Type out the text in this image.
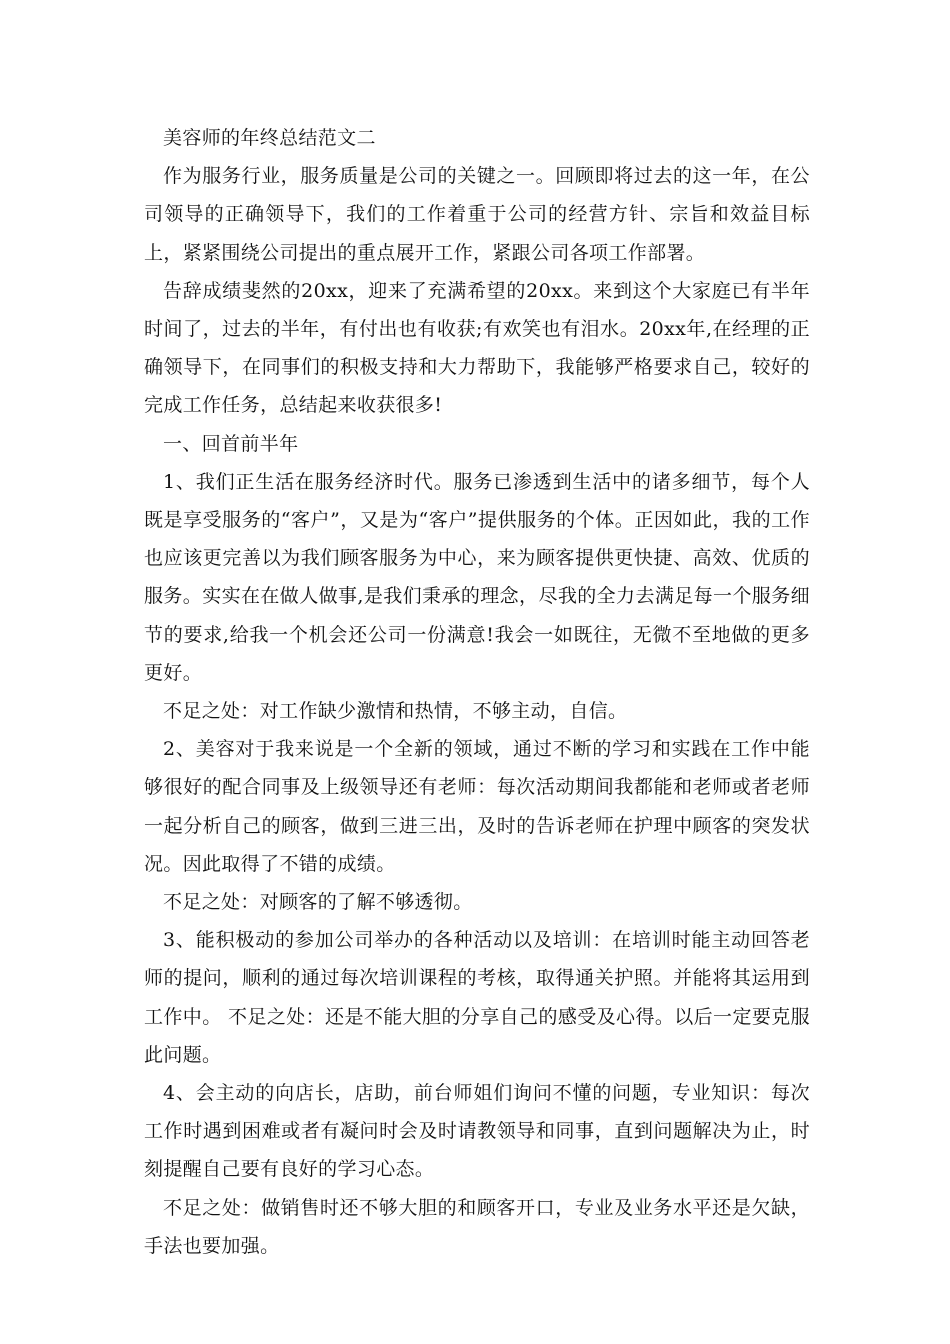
美容师的年终总结范文二

作为服务行业，服务质量是公司的关键之一。回顾即将过去的这一年，在公司领导的正确领导下，我们的工作着重于公司的经营方针、宗旨和效益目标上，紧紧围绕公司提出的重点展开工作，紧跟公司各项工作部署。

告辞成绩斐然的20xx，迎来了充满希望的20xx。来到这个大家庭已有半年时间了，过去的半年，有付出也有收获;有欢笑也有泪水。20xx年,在经理的正确领导下，在同事们的积极支持和大力帮助下，我能够严格要求自己，较好的完成工作任务，总结起来收获很多!

一、回首前半年

1、我们正生活在服务经济时代。服务已渗透到生活中的诸多细节，每个人既是享受服务的“客户”，又是为“客户”提供服务的个体。正因如此，我的工作也应该更完善以为我们顾客服务为中心，来为顾客提供更快捷、高效、优质的服务。实实在在做人做事,是我们秉承的理念，尽我的全力去满足每一个服务细节的要求,给我一个机会还公司一份满意!我会一如既往，无微不至地做的更多更好。

不足之处：对工作缺少激情和热情，不够主动，自信。

2、美容对于我来说是一个全新的领域，通过不断的学习和实践在工作中能够很好的配合同事及上级领导还有老师：每次活动期间我都能和老师或者老师一起分析自己的顾客，做到三进三出，及时的告诉老师在护理中顾客的突发状况。因此取得了不错的成绩。

不足之处：对顾客的了解不够透彻。

3、能积极动的参加公司举办的各种活动以及培训：在培训时能主动回答老师的提问，顺利的通过每次培训课程的考核，取得通关护照。并能将其运用到工作中。 不足之处：还是不能大胆的分享自己的感受及心得。以后一定要克服此问题。

4、会主动的向店长，店助，前台师姐们询问不懂的问题，专业知识：每次工作时遇到困难或者有凝问时会及时请教领导和同事，直到问题解决为止，时刻提醒自己要有良好的学习心态。

不足之处：做销售时还不够大胆的和顾客开口，专业及业务水平还是欠缺，手法也要加强。
